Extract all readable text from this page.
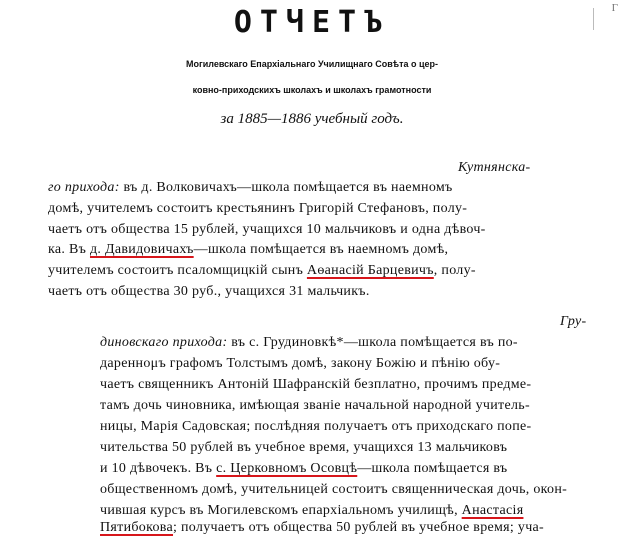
Г
ОТЧЕТЪ
Могилевскаго Епархіальнаго Училищнаго Совѣта о цер-
ковно-приходскихъ школахъ и школахъ грамотности
за 1885—1886 учебный годъ.
Кутнянска-
го прихода: въ д. Волковичахъ—школа помѣщается въ наемномъ
домѣ, учителемъ состоитъ крестьянинъ Григорій Стефановъ, полу-
чаетъ отъ общества 15 рублей, учащихся 10 мальчиковъ и одна дѣвоч-
ка. Въ д. Давидовичахъ—школа помѣщается въ наемномъ домѣ,
учителемъ состоитъ псаломщицкій сынъ Аѳанасій Барцевичъ, полу-
чаетъ отъ общества 30 руб., учащихся 31 мальчикъ.
Гру-
диновскаго прихода: въ с. Грудиновкѣ*—школа помѣщается въ по-
дареннομъ графомъ Толстымъ домѣ, закону Божію и пѣнію обу-
чаетъ священникъ Антоній Шафранскій безплатно, прочимъ предме-
тамъ дочь чиновника, имѣющая званіе начальной народной учитель-
ницы, Марія Садовская; послѣдняя получаетъ отъ приходскаго попе-
чительства 50 рублей въ учебное время, учащихся 13 мальчиковъ
и 10 дѣвочекъ. Въ с. Церковномъ Осовцѣ—школа помѣщается въ
общественномъ домѣ, учительницей состоитъ священническая дочь, окон-
чившая курсъ въ Могилевскомъ епархіальномъ училищѣ, Анастасія
Пятибокова; получаетъ отъ общества 50 рублей въ учебное время; уча-
